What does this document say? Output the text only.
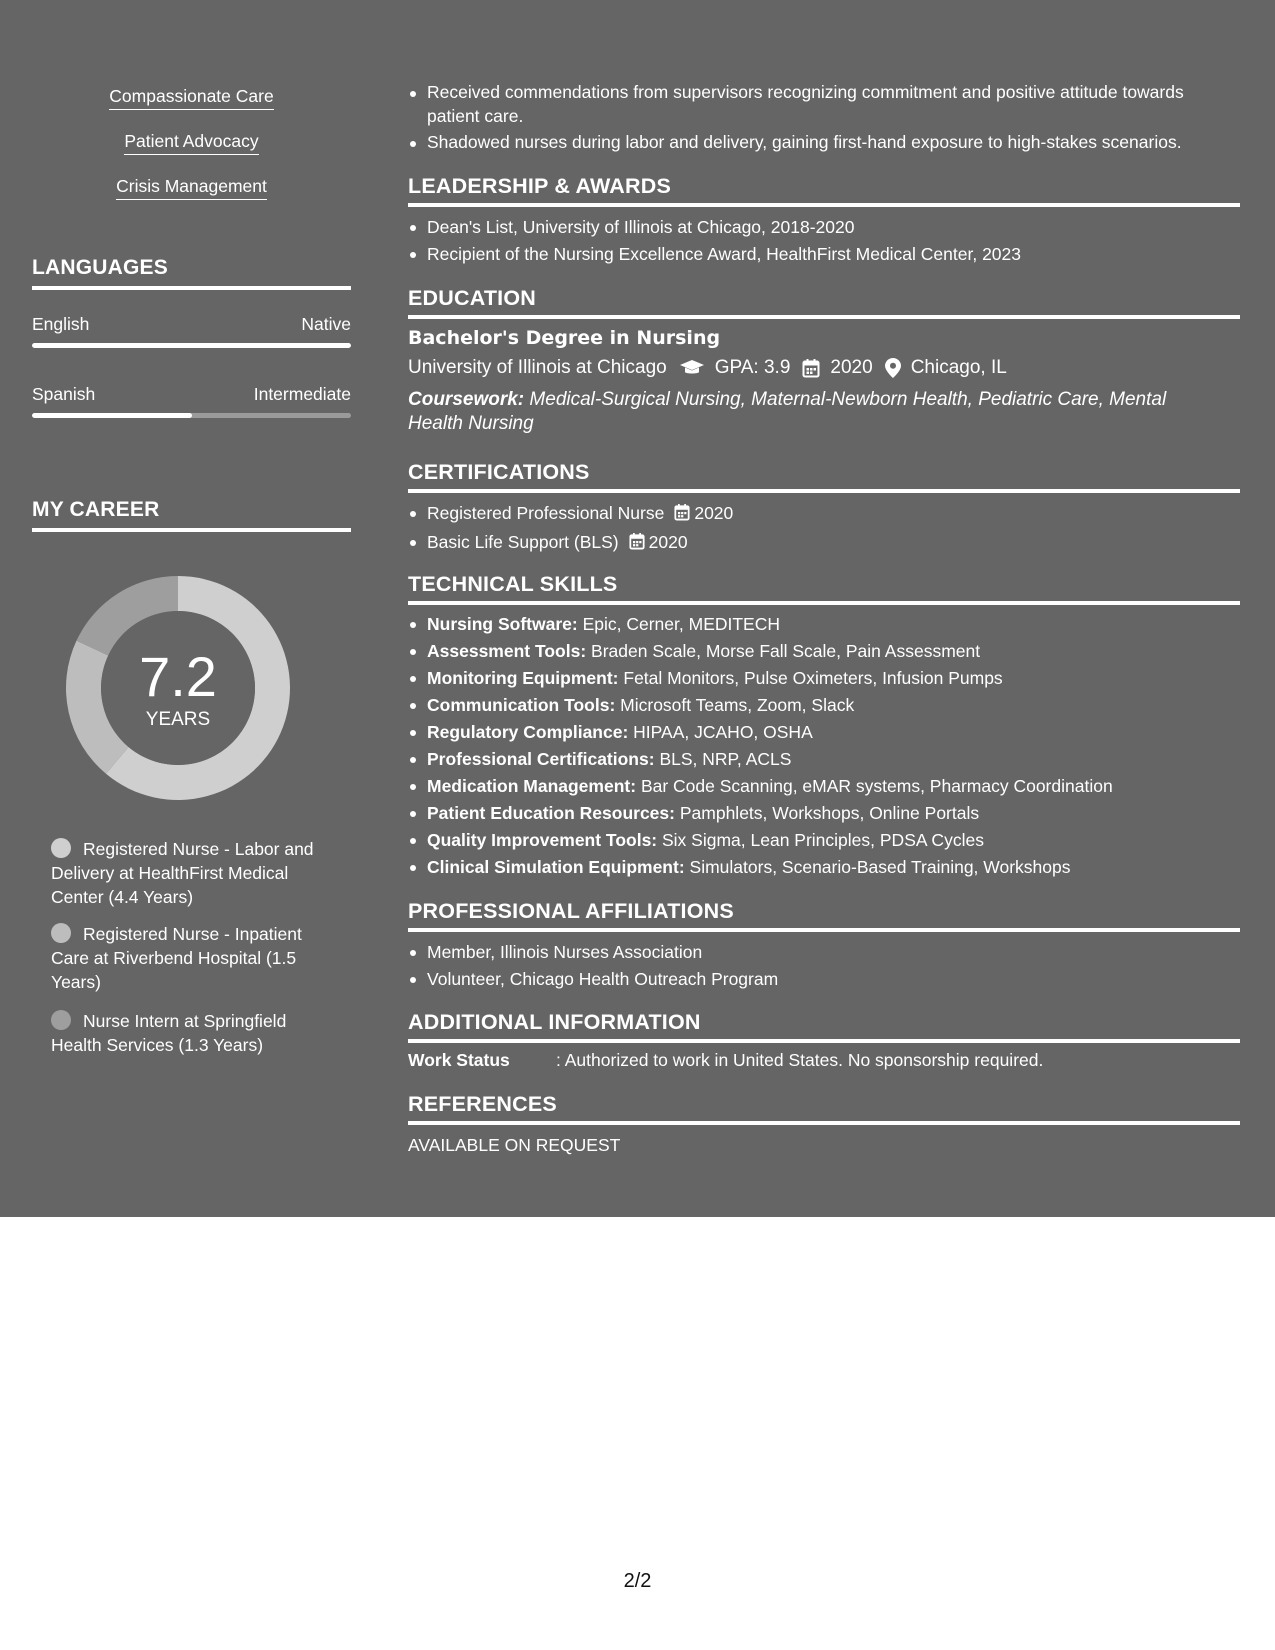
Compassionate Care
Patient Advocacy
Crisis Management
LANGUAGES
English	Native
Spanish	Intermediate
MY CAREER
7.2
YEARS
Registered Nurse - Labor and Delivery at HealthFirst Medical Center (4.4 Years)
Registered Nurse - Inpatient Care at Riverbend Hospital (1.5 Years)
Nurse Intern at Springfield Health Services (1.3 Years)
Received commendations from supervisors recognizing commitment and positive attitude towards patient care.
Shadowed nurses during labor and delivery, gaining first-hand exposure to high-stakes scenarios.
LEADERSHIP & AWARDS
Dean's List, University of Illinois at Chicago, 2018-2020
Recipient of the Nursing Excellence Award, HealthFirst Medical Center, 2023
EDUCATION
Bachelor's Degree in Nursing
University of Illinois at Chicago	GPA: 3.9 2020 Chicago, IL
Coursework: Medical-Surgical Nursing, Maternal-Newborn Health, Pediatric Care, Mental Health Nursing
CERTIFICATIONS
Registered Professional Nurse 2020
Basic Life Support (BLS) 2020
TECHNICAL SKILLS
Nursing Software: Epic, Cerner, MEDITECH
Assessment Tools: Braden Scale, Morse Fall Scale, Pain Assessment
Monitoring Equipment: Fetal Monitors, Pulse Oximeters, Infusion Pumps
Communication Tools: Microsoft Teams, Zoom, Slack
Regulatory Compliance: HIPAA, JCAHO, OSHA
Professional Certifications: BLS, NRP, ACLS
Medication Management: Bar Code Scanning, eMAR systems, Pharmacy Coordination
Patient Education Resources: Pamphlets, Workshops, Online Portals
Quality Improvement Tools: Six Sigma, Lean Principles, PDSA Cycles
Clinical Simulation Equipment: Simulators, Scenario-Based Training, Workshops
PROFESSIONAL AFFILIATIONS
Member, Illinois Nurses Association
Volunteer, Chicago Health Outreach Program
ADDITIONAL INFORMATION
Work Status	: Authorized to work in United States. No sponsorship required.
REFERENCES
AVAILABLE ON REQUEST
2/2
